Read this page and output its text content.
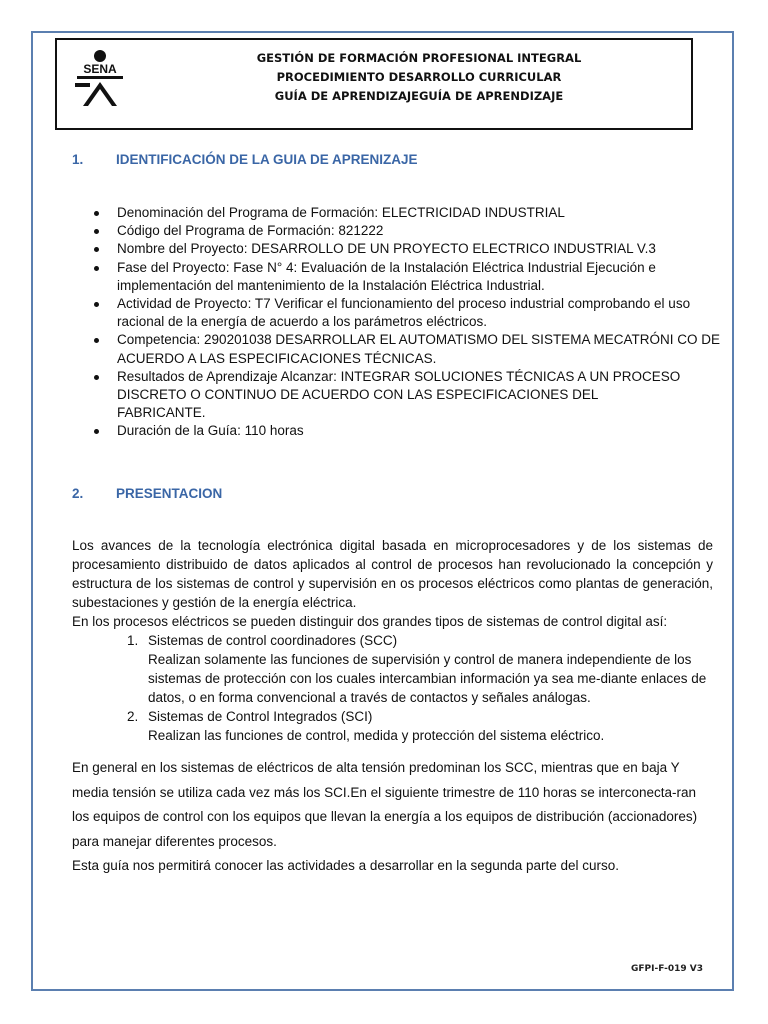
SENA
GESTIÓN DE FORMACIÓN PROFESIONAL INTEGRAL
PROCEDIMIENTO DESARROLLO CURRICULAR
GUÍA DE APRENDIZAJEGUÍA DE APRENDIZAJE
1. IDENTIFICACIÓN DE LA GUIA DE APRENIZAJE
Denominación del Programa de Formación: ELECTRICIDAD INDUSTRIAL
Código del Programa de Formación: 821222
Nombre del Proyecto: DESARROLLO DE UN PROYECTO ELECTRICO INDUSTRIAL V.3
Fase del Proyecto: Fase N° 4: Evaluación de la Instalación Eléctrica Industrial Ejecución e implementación del mantenimiento de la Instalación Eléctrica Industrial.
Actividad de Proyecto: T7 Verificar el funcionamiento del proceso industrial comprobando el uso racional de la energía de acuerdo a los parámetros eléctricos.
Competencia: 290201038 DESARROLLAR EL AUTOMATISMO DEL SISTEMA MECATRÓNI CO DE ACUERDO A LAS ESPECIFICACIONES TÉCNICAS.
Resultados de Aprendizaje Alcanzar: INTEGRAR SOLUCIONES TÉCNICAS A UN PROCESO DISCRETO O CONTINUO DE ACUERDO CON LAS ESPECIFICACIONES DEL FABRICANTE.
Duración de la Guía: 110 horas
2. PRESENTACION

Los avances de la tecnología electrónica digital basada en microprocesadores y de los sistemas de procesamiento distribuido de datos aplicados al control de procesos han revolucionado la concepción y estructura de los sistemas de control y supervisión en os procesos eléctricos como plantas de generación, subestaciones y gestión de la energía eléctrica.

En los procesos eléctricos se pueden distinguir dos grandes tipos de sistemas de control digital así:

1. Sistemas de control coordinadores (SCC)
Realizan solamente las funciones de supervisión y control de manera independiente de los sistemas de protección con los cuales intercambian información ya sea me-diante enlaces de datos, o en forma convencional a través de contactos y señales análogas.
2. Sistemas de Control Integrados (SCI)
Realizan las funciones de control, medida y protección del sistema eléctrico.

En general en los sistemas de eléctricos de alta tensión predominan los SCC, mientras que en baja Y media tensión se utiliza cada vez más los SCI.En el siguiente trimestre de 110 horas se interconecta-ran los equipos de control con los equipos que llevan la energía a los equipos de distribución (accionadores) para manejar diferentes procesos.

Esta guía nos permitirá conocer las actividades a desarrollar en la segunda parte del curso.

GFPI-F-019 V3
